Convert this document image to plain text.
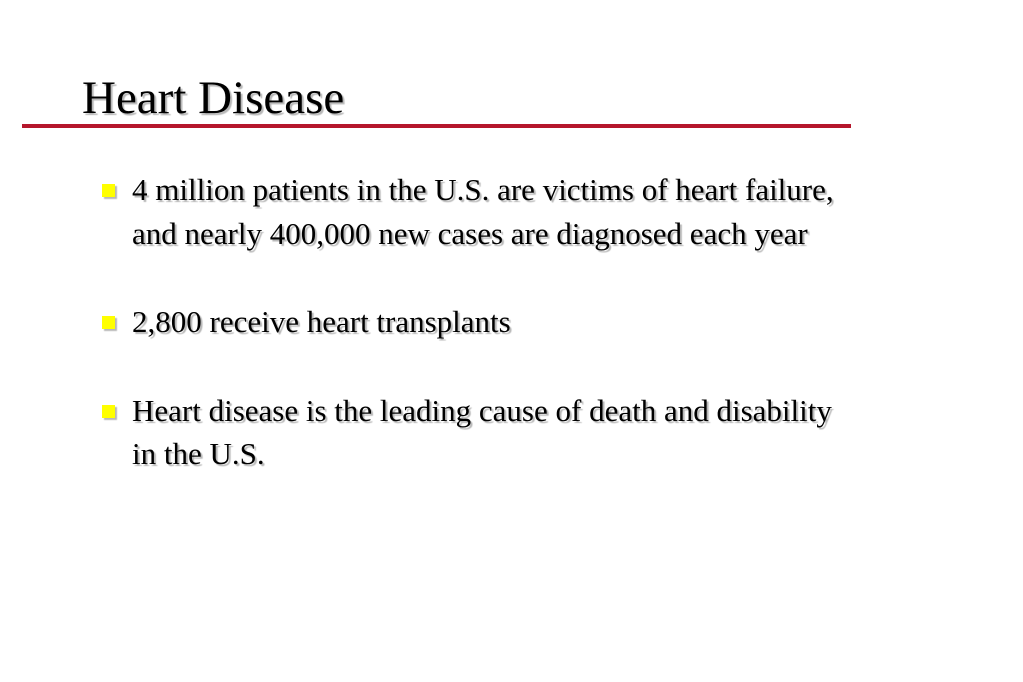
Heart Disease
4 million patients in the U.S. are victims of heart failure, and nearly 400,000 new cases are diagnosed each year
2,800 receive heart transplants
Heart disease is the leading cause of death and disability in the U.S.
